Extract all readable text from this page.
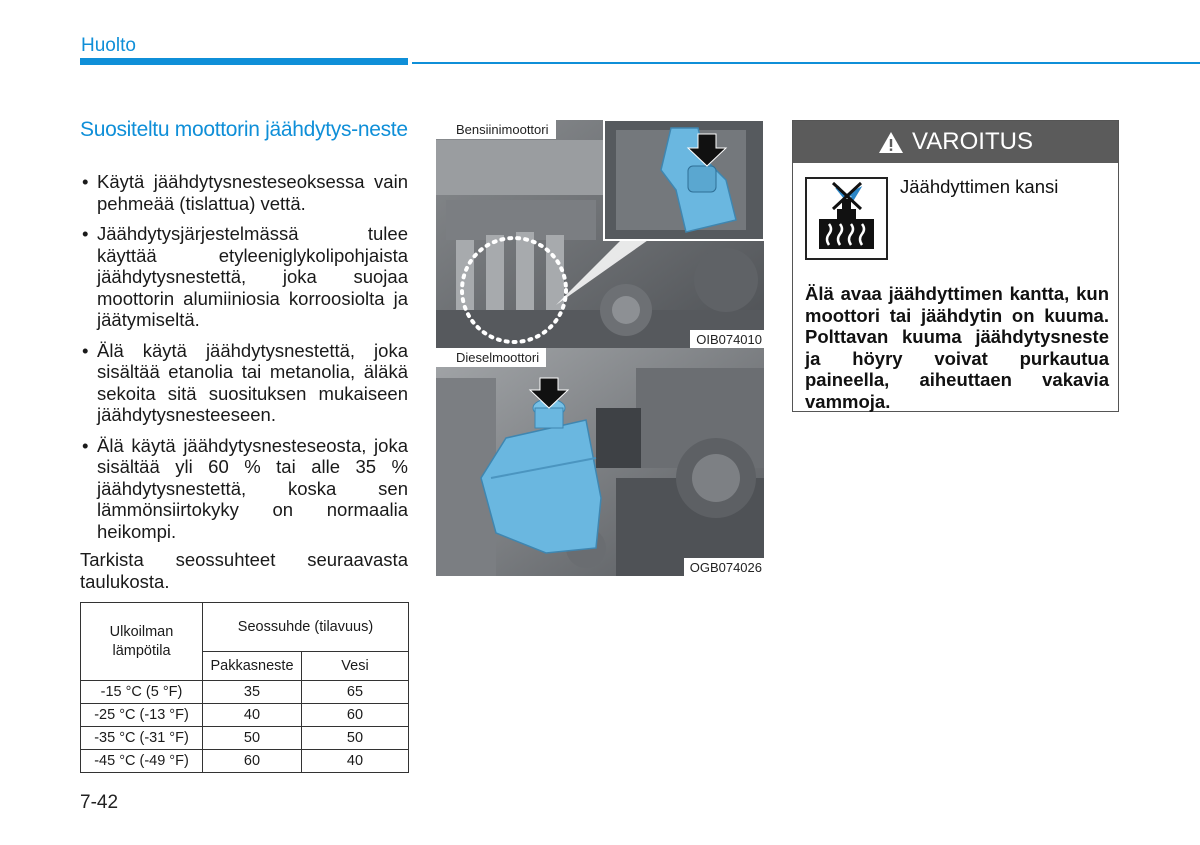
Huolto
Suositeltu moottorin jäähdytys-neste
• Käytä jäähdytysnesteseoksessa vain pehmeää (tislattua) vettä.
• Jäähdytysjärjestelmässä tulee käyttää etyleeniglykolipohjaista jäähdytysnestettä, joka suojaa moottorin alumiiniosia korroosiolta ja jäätymiseltä.
• Älä käytä jäähdytysnestettä, joka sisältää etanolia tai metanolia, äläkä sekoita sitä suosituksen mukaiseen jäähdytysnesteeseen.
• Älä käytä jäähdytysnesteseosta, joka sisältää yli 60 % tai alle 35 % jäähdytysnestettä, koska sen lämmönsiirtokyky on normaalia heikompi.
Tarkista seossuhteet seuraavasta taulukosta.
Ulkoilman lämpötila	Seossuhde (tilavuus)	
	Pakkasneste	Vesi
-15 °C (5 °F)	35	65
-25 °C (-13 °F)	40	60
-35 °C (-31 °F)	50	50
-45 °C (-49 °F)	60	40
Bensiinimoottori
OIB074010
Dieselmoottori
OGB074026
VAROITUS
Jäähdyttimen kansi
Älä avaa jäähdyttimen kantta, kun moottori tai jäähdytin on kuuma. Polttavan kuuma jäähdytysneste ja höyry voivat purkautua paineella, aiheuttaen vakavia vammoja.
7-42
